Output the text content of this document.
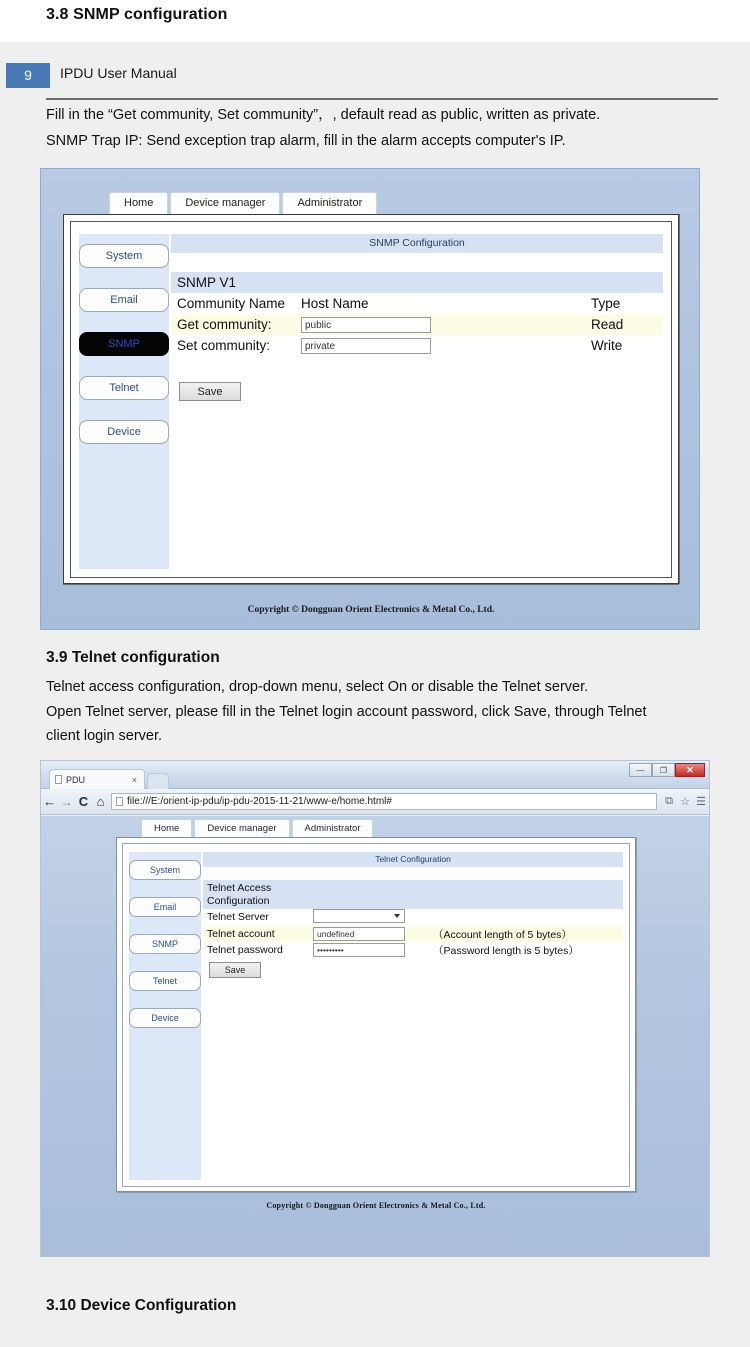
3.8 SNMP configuration
9	IPDU User Manual
Fill in the “Get community, Set community”，, default read as public, written as private.
SNMP Trap IP: Send exception trap alarm, fill in the alarm accepts computer's IP.
Home	Device manager	Administrator
System
Email
SNMP
Telnet
Device
SNMP Configuration
SNMP V1
Community Name	Host Name	Type
Get community:	public	Read
Set community:	private	Write
Save
Copyright © Dongguan Orient Electronics & Metal Co., Ltd.
3.9 Telnet configuration
Telnet access configuration, drop-down menu, select On or disable the Telnet server.
Open Telnet server, please fill in the Telnet login account password, click Save, through Telnet
client login server.
PDU	×
—	❐	✕
← → C ⌂	file:///E:/orient-ip-pdu/ip-pdu-2015-11-21/www-e/home.html#	⧉ ☆ ☰
Home	Device manager	Administrator
System
Email
SNMP
Telnet
Device
Telnet Configuration
Telnet Access Configuration
Telnet Server
Telnet account	undefined	（Account length of 5 bytes）
Telnet password	•••••••••	（Password length is 5 bytes）
Save
Copyright © Dongguan Orient Electronics & Metal Co., Ltd.
3.10 Device Configuration
